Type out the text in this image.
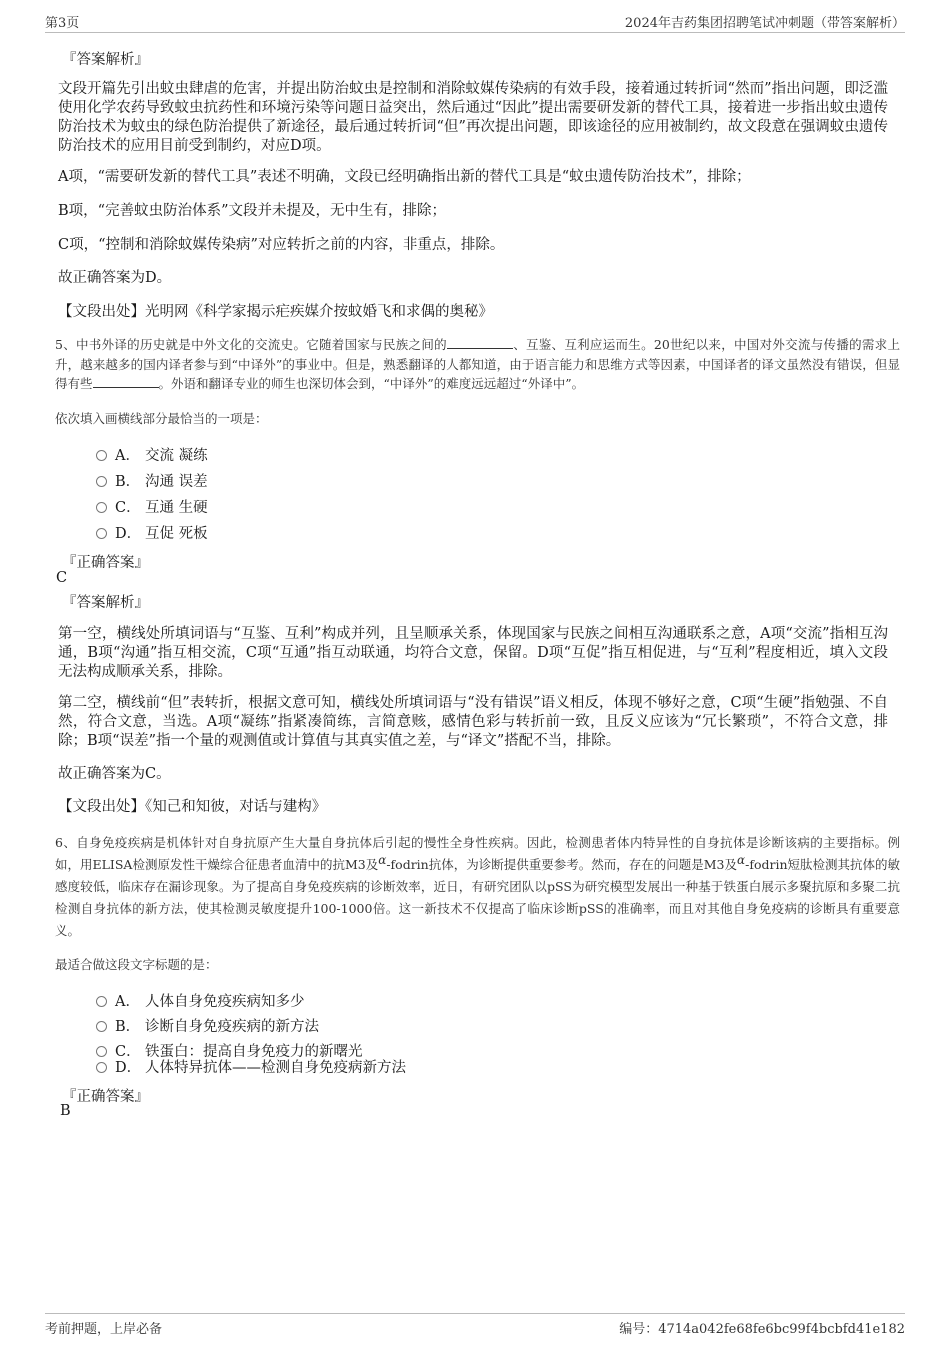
第3页	2024年吉药集团招聘笔试冲刺题（带答案解析）
『答案解析』
文段开篇先引出蚊虫肆虐的危害，并提出防治蚊虫是控制和消除蚊媒传染病的有效手段，接着通过转折词“然而”指出问题，即泛滥使用化学农药导致蚊虫抗药性和环境污染等问题日益突出，然后通过“因此”提出需要研发新的替代工具，接着进一步指出蚊虫遗传防治技术为蚊虫的绿色防治提供了新途径，最后通过转折词“但”再次提出问题，即该途径的应用被制约，故文段意在强调蚊虫遗传防治技术的应用目前受到制约，对应D项。
A项，“需要研发新的替代工具”表述不明确，文段已经明确指出新的替代工具是“蚊虫遗传防治技术”，排除；
B项，“完善蚊虫防治体系”文段并未提及，无中生有，排除；
C项，“控制和消除蚊媒传染病”对应转折之前的内容，非重点，排除。
故正确答案为D。
【文段出处】光明网《科学家揭示疟疾媒介按蚊婚飞和求偶的奥秘》
5、中书外译的历史就是中外文化的交流史。它随着国家与民族之间的	、互鉴、互利应运而生。20世纪以来，中国对外交流与传播的需求上升，越来越多的国内译者参与到“中译外”的事业中。但是，熟悉翻译的人都知道，由于语言能力和思维方式等因素，中国译者的译文虽然没有错误，但显得有些	。外语和翻译专业的师生也深切体会到，“中译外”的难度远远超过“外译中”。
依次填入画横线部分最恰当的一项是：
A． 交流 凝练
B． 沟通 误差
C． 互通 生硬
D． 互促 死板
『正确答案』
C
『答案解析』
第一空，横线处所填词语与“互鉴、互利”构成并列，且呈顺承关系，体现国家与民族之间相互沟通联系之意，A项“交流”指相互沟通，B项“沟通”指互相交流，C项“互通”指互动联通，均符合文意，保留。D项“互促”指互相促进，与“互利”程度相近，填入文段无法构成顺承关系，排除。
第二空，横线前“但”表转折，根据文意可知，横线处所填词语与“没有错误”语义相反，体现不够好之意，C项“生硬”指勉强、不自然，符合文意，当选。A项“凝练”指紧凑简练，言简意赅，感情色彩与转折前一致，且反义应该为“冗长繁琐”，不符合文意，排除；B项“误差”指一个量的观测值或计算值与其真实值之差，与“译文”搭配不当，排除。
故正确答案为C。
【文段出处】《知己和知彼，对话与建构》
6、自身免疫疾病是机体针对自身抗原产生大量自身抗体后引起的慢性全身性疾病。因此，检测患者体内特异性的自身抗体是诊断该病的主要指标。例如，用ELISA检测原发性干燥综合征患者血清中的抗M3及α-fodrin抗体，为诊断提供重要参考。然而，存在的问题是M3及α-fodrin短肽检测其抗体的敏感度较低，临床存在漏诊现象。为了提高自身免疫疾病的诊断效率，近日，有研究团队以pSS为研究模型发展出一种基于铁蛋白展示多聚抗原和多聚二抗检测自身抗体的新方法，使其检测灵敏度提升100-1000倍。这一新技术不仅提高了临床诊断pSS的准确率，而且对其他自身免疫病的诊断具有重要意义。
最适合做这段文字标题的是：
A． 人体自身免疫疾病知多少
B． 诊断自身免疫疾病的新方法
C． 铁蛋白：提高自身免疫力的新曙光
D． 人体特异抗体——检测自身免疫病新方法
『正确答案』
B
考前押题，上岸必备	编号：4714a042fe68fe6bc99f4bcbfd41e182
